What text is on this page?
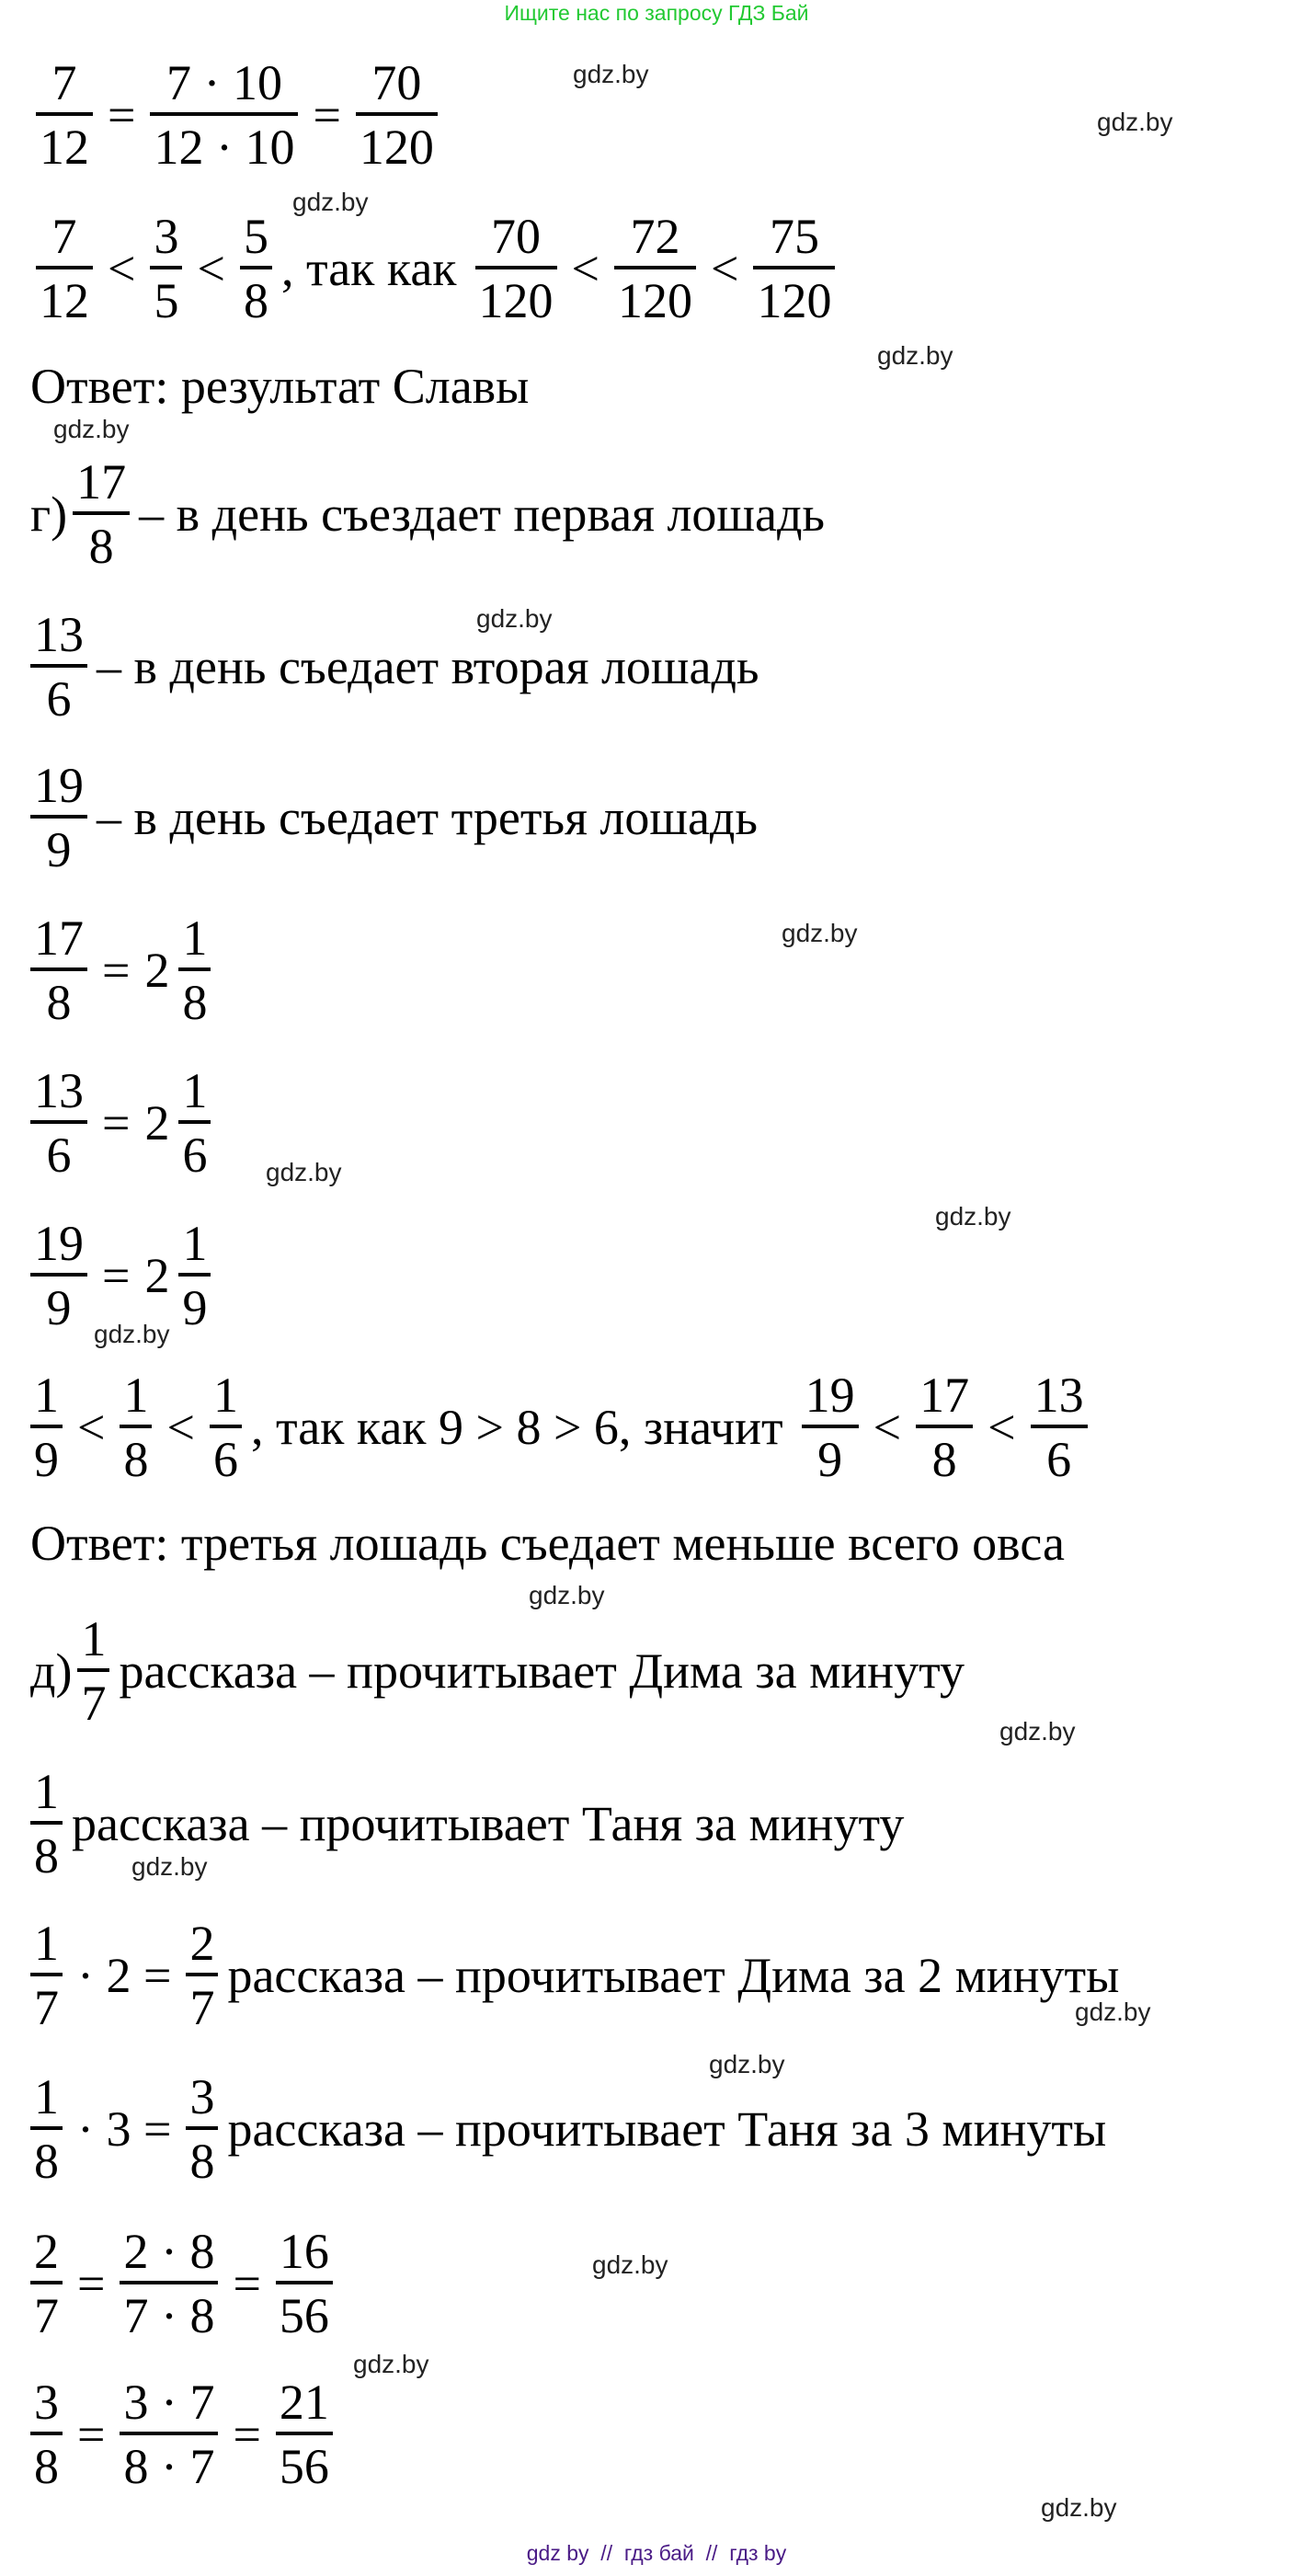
Ищите нас по запросу ГДЗ Бай
$\frac{7}{12} = \frac{7 \cdot 10}{12 \cdot 10} = \frac{70}{120}$
$\frac{7}{12} < \frac{3}{5} < \frac{5}{8}$ , так как $\frac{70}{120} < \frac{72}{120} < \frac{75}{120}$
Ответ: результат Славы
$г) \frac{17}{8}$ – в день съездает первая лошадь
$\frac{13}{6}$ – в день съедает вторая лошадь
$\frac{19}{9}$ – в день съедает третья лошадь
$\frac{17}{8} = 2 \frac{1}{8}$
$\frac{13}{6} = 2 \frac{1}{6}$
$\frac{19}{9} = 2 \frac{1}{9}$
$\frac{1}{9} < \frac{1}{8} < \frac{1}{6}$ , так как 9 > 8 > 6, значит $\frac{19}{9} < \frac{17}{8} < \frac{13}{6}$
Ответ: третья лошадь съедает меньше всего овса
$д) \frac{1}{7}$ рассказа – прочитывает Дима за минуту
$\frac{1}{8}$ рассказа – прочитывает Таня за минуту
$\frac{1}{7} \cdot 2 = \frac{2}{7}$ рассказа – прочитывает Дима за 2 минуты
$\frac{1}{8} \cdot 3 = \frac{3}{8}$ рассказа – прочитывает Таня за 3 минуты
$\frac{2}{7} = \frac{2 \cdot 8}{7 \cdot 8} = \frac{16}{56}$
$\frac{3}{8} = \frac{3 \cdot 7}{8 \cdot 7} = \frac{21}{56}$
gdz.by
gdz.by
gdz.by
gdz.by
gdz.by
gdz.by
gdz.by
gdz.by
gdz.by
gdz.by
gdz.by
gdz.by
gdz.by
gdz.by
gdz.by
gdz.by
gdz.by
gdz.by
gdz by  //  гдз бай  //  гдз by
